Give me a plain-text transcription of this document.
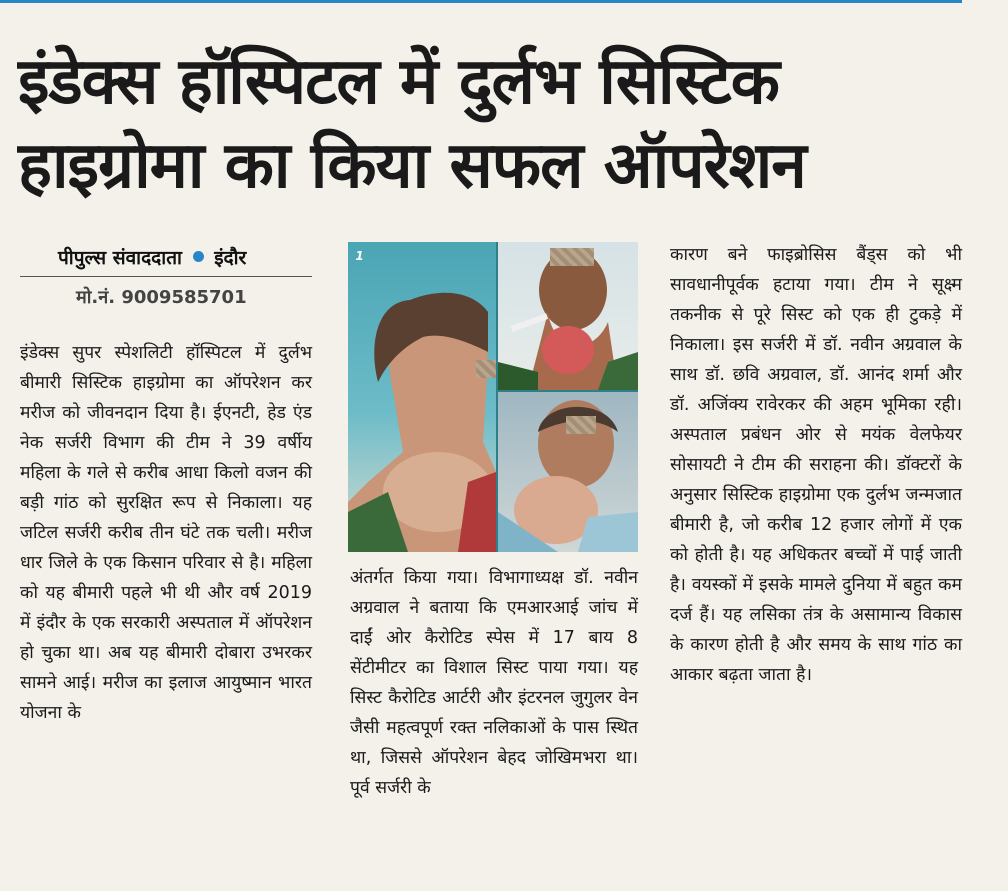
इंडेक्स हॉस्पिटल में दुर्लभ सिस्टिक
हाइग्रोमा का किया सफल ऑपरेशन
पीपुल्स संवाददाता इंदौर
मो.नं. 9009585701

इंडेक्स सुपर स्पेशलिटी हॉस्पिटल में दुर्लभ बीमारी सिस्टिक हाइग्रोमा का ऑपरेशन कर मरीज को जीवनदान दिया है। ईएनटी, हेड एंड नेक सर्जरी विभाग की टीम ने 39 वर्षीय महिला के गले से करीब आधा किलो वजन की बड़ी गांठ को सुरक्षित रूप से निकाला। यह जटिल सर्जरी करीब तीन घंटे तक चली। मरीज धार जिले के एक किसान परिवार से है। महिला को यह बीमारी पहले भी थी और वर्ष 2019 में इंदौर के एक सरकारी अस्पताल में ऑपरेशन हो चुका था। अब यह बीमारी दोबारा उभरकर सामने आई। मरीज का इलाज आयुष्मान भारत योजना के

1

अंतर्गत किया गया। विभागाध्यक्ष डॉ. नवीन अग्रवाल ने बताया कि एमआरआई जांच में दाईं ओर कैरोटिड स्पेस में 17 बाय 8 सेंटीमीटर का विशाल सिस्ट पाया गया। यह सिस्ट कैरोटिड आर्टरी और इंटरनल जुगुलर वेन जैसी महत्वपूर्ण रक्त नलिकाओं के पास स्थित था, जिससे ऑपरेशन बेहद जोखिमभरा था। पूर्व सर्जरी के

कारण बने फाइब्रोसिस बैंड्स को भी सावधानीपूर्वक हटाया गया। टीम ने सूक्ष्म तकनीक से पूरे सिस्ट को एक ही टुकड़े में निकाला। इस सर्जरी में डॉ. नवीन अग्रवाल के साथ डॉ. छवि अग्रवाल, डॉ. आनंद शर्मा और डॉ. अजिंक्य रावेरकर की अहम भूमिका रही। अस्पताल प्रबंधन ओर से मयंक वेलफेयर सोसायटी ने टीम की सराहना की। डॉक्टरों के अनुसार सिस्टिक हाइग्रोमा एक दुर्लभ जन्मजात बीमारी है, जो करीब 12 हजार लोगों में एक को होती है। यह अधिकतर बच्चों में पाई जाती है। वयस्कों में इसके मामले दुनिया में बहुत कम दर्ज हैं। यह लसिका तंत्र के असामान्य विकास के कारण होती है और समय के साथ गांठ का आकार बढ़ता जाता है।
